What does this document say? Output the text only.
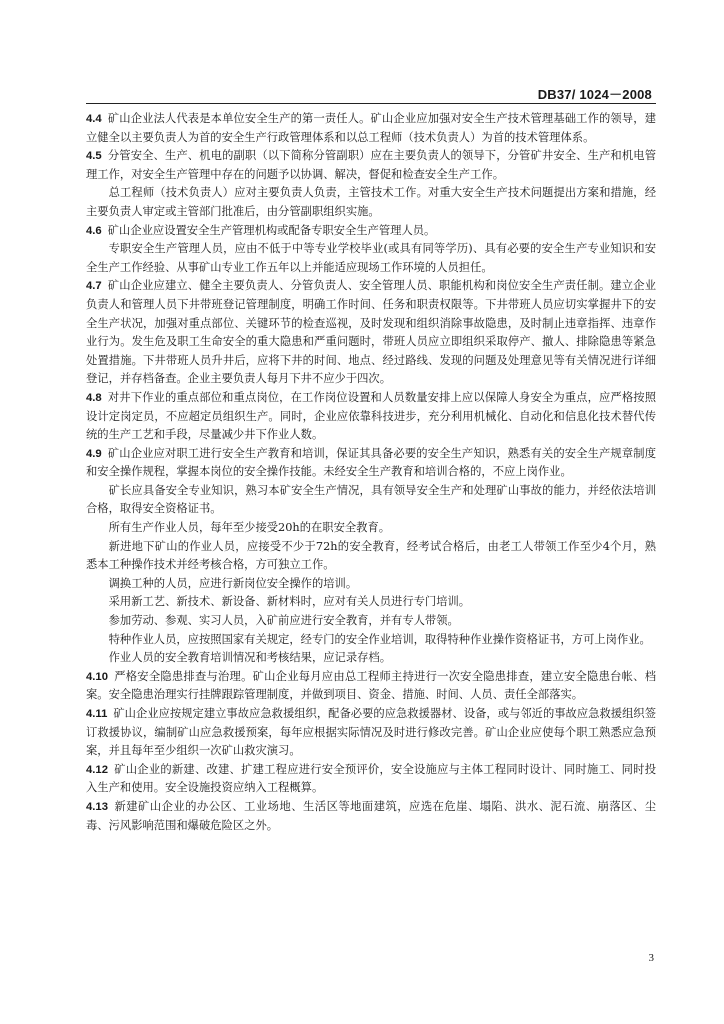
DB37/ 1024－2008

4.4 矿山企业法人代表是本单位安全生产的第一责任人。矿山企业应加强对安全生产技术管理基础工作的领导，建立健全以主要负责人为首的安全生产行政管理体系和以总工程师（技术负责人）为首的技术管理体系。

4.5 分管安全、生产、机电的副职（以下简称分管副职）应在主要负责人的领导下，分管矿井安全、生产和机电管理工作，对安全生产管理中存在的问题予以协调、解决，督促和检查安全生产工作。

总工程师（技术负责人）应对主要负责人负责，主管技术工作。对重大安全生产技术问题提出方案和措施，经主要负责人审定或主管部门批准后，由分管副职组织实施。

4.6 矿山企业应设置安全生产管理机构或配备专职安全生产管理人员。

专职安全生产管理人员，应由不低于中等专业学校毕业(或具有同等学历)、具有必要的安全生产专业知识和安全生产工作经验、从事矿山专业工作五年以上并能适应现场工作环境的人员担任。

4.7 矿山企业应建立、健全主要负责人、分管负责人、安全管理人员、职能机构和岗位安全生产责任制。建立企业负责人和管理人员下井带班登记管理制度，明确工作时间、任务和职责权限等。下井带班人员应切实掌握井下的安全生产状况，加强对重点部位、关键环节的检查巡视，及时发现和组织消除事故隐患，及时制止违章指挥、违章作业行为。发生危及职工生命安全的重大隐患和严重问题时，带班人员应立即组织采取停产、撤人、排除隐患等紧急处置措施。下井带班人员升井后，应将下井的时间、地点、经过路线、发现的问题及处理意见等有关情况进行详细登记，并存档备查。企业主要负责人每月下井不应少于四次。

4.8 对井下作业的重点部位和重点岗位，在工作岗位设置和人员数量安排上应以保障人身安全为重点，应严格按照设计定岗定员，不应超定员组织生产。同时，企业应依靠科技进步，充分利用机械化、自动化和信息化技术替代传统的生产工艺和手段，尽量减少井下作业人数。

4.9 矿山企业应对职工进行安全生产教育和培训，保证其具备必要的安全生产知识，熟悉有关的安全生产规章制度和安全操作规程，掌握本岗位的安全操作技能。未经安全生产教育和培训合格的，不应上岗作业。

矿长应具备安全专业知识，熟习本矿安全生产情况，具有领导安全生产和处理矿山事故的能力，并经依法培训合格，取得安全资格证书。

所有生产作业人员，每年至少接受20h的在职安全教育。

新进地下矿山的作业人员，应接受不少于72h的安全教育，经考试合格后，由老工人带领工作至少4个月，熟悉本工种操作技术并经考核合格，方可独立工作。

调换工种的人员，应进行新岗位安全操作的培训。

采用新工艺、新技术、新设备、新材料时，应对有关人员进行专门培训。

参加劳动、参观、实习人员，入矿前应进行安全教育，并有专人带领。

特种作业人员，应按照国家有关规定，经专门的安全作业培训，取得特种作业操作资格证书，方可上岗作业。

作业人员的安全教育培训情况和考核结果，应记录存档。

4.10 严格安全隐患排查与治理。矿山企业每月应由总工程师主持进行一次安全隐患排查，建立安全隐患台帐、档案。安全隐患治理实行挂牌跟踪管理制度，并做到项目、资金、措施、时间、人员、责任全部落实。

4.11 矿山企业应按规定建立事故应急救援组织，配备必要的应急救援器材、设备，或与邻近的事故应急救援组织签订救援协议，编制矿山应急救援预案，每年应根据实际情况及时进行修改完善。矿山企业应使每个职工熟悉应急预案，并且每年至少组织一次矿山救灾演习。

4.12 矿山企业的新建、改建、扩建工程应进行安全预评价，安全设施应与主体工程同时设计、同时施工、同时投入生产和使用。安全设施投资应纳入工程概算。

4.13 新建矿山企业的办公区、工业场地、生活区等地面建筑，应选在危崖、塌陷、洪水、泥石流、崩落区、尘毒、污风影响范围和爆破危险区之外。

3
